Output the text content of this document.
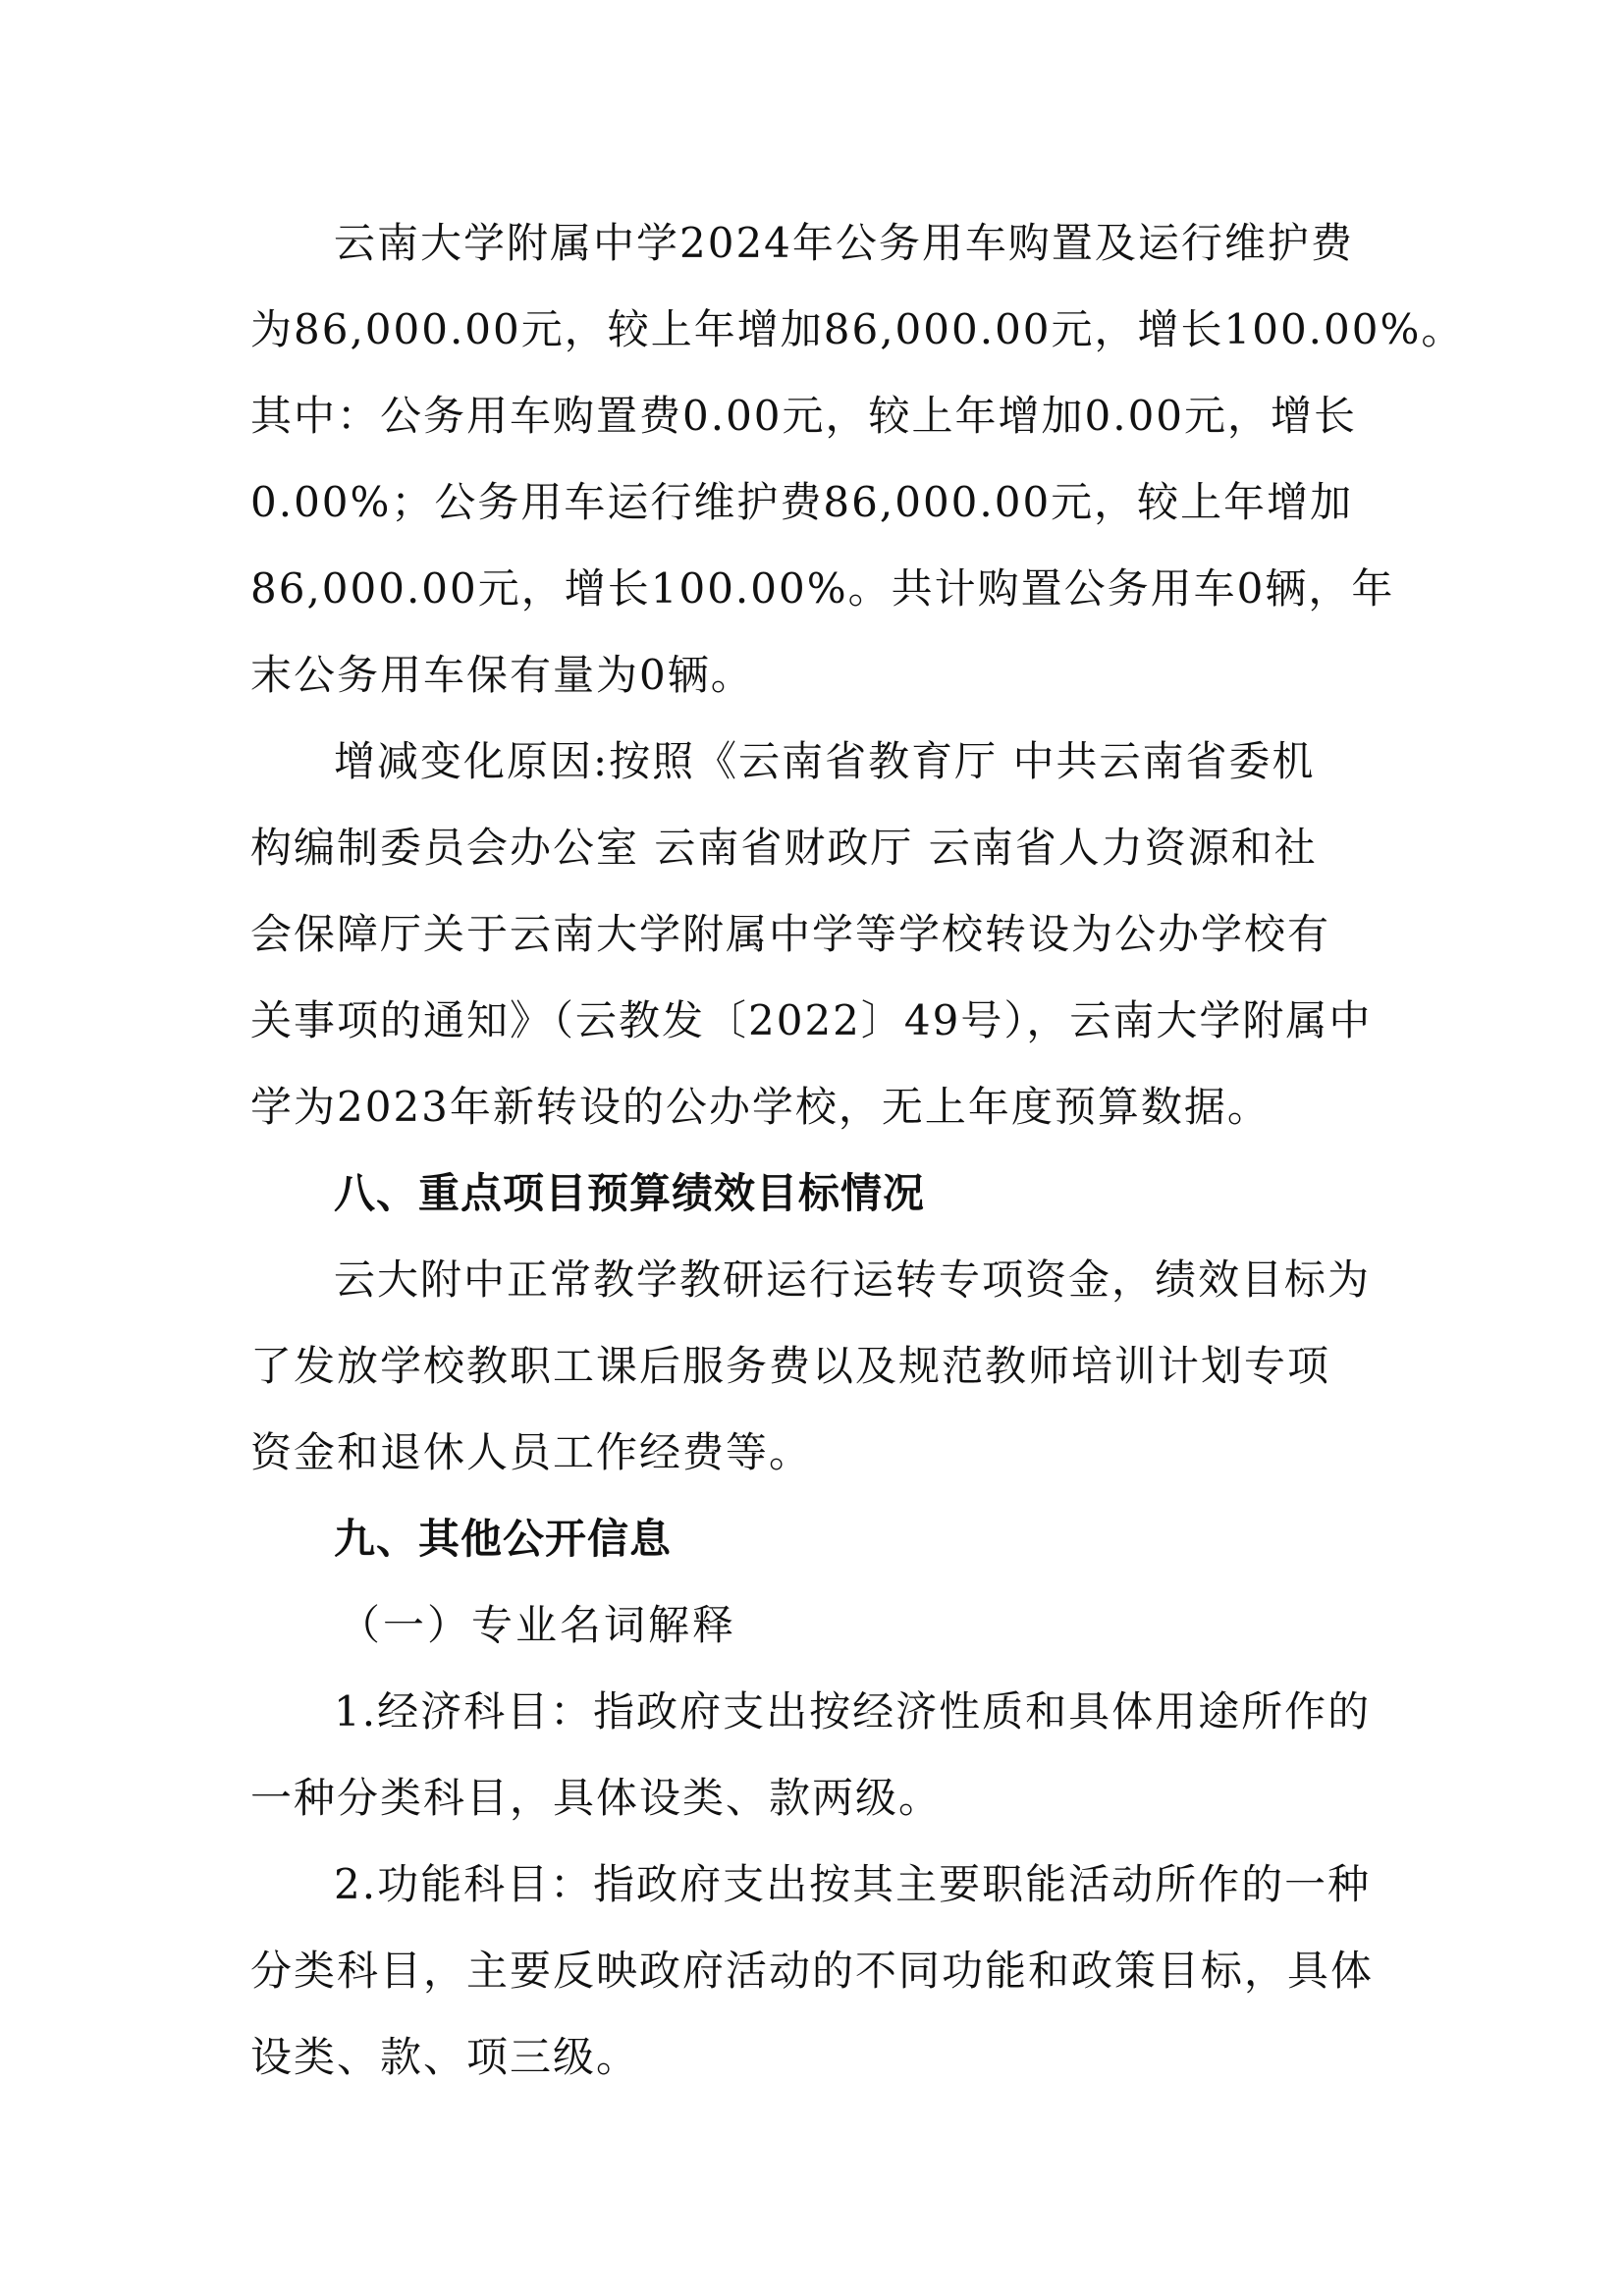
云南大学附属中学2024年公务用车购置及运行维护费
为86,000.00元，较上年增加86,000.00元，增长100.00%。
其中：公务用车购置费0.00元，较上年增加0.00元，增长
0.00%；公务用车运行维护费86,000.00元，较上年增加
86,000.00元，增长100.00%。共计购置公务用车0辆，年
末公务用车保有量为0辆。
增减变化原因:按照《云南省教育厅 中共云南省委机
构编制委员会办公室 云南省财政厅 云南省人力资源和社
会保障厅关于云南大学附属中学等学校转设为公办学校有
关事项的通知》（云教发〔2022〕49号），云南大学附属中
学为2023年新转设的公办学校，无上年度预算数据。
八、重点项目预算绩效目标情况
云大附中正常教学教研运行运转专项资金，绩效目标为
了发放学校教职工课后服务费以及规范教师培训计划专项
资金和退休人员工作经费等。
九、其他公开信息
（一）专业名词解释
1.经济科目：指政府支出按经济性质和具体用途所作的
一种分类科目，具体设类、款两级。
2.功能科目：指政府支出按其主要职能活动所作的一种
分类科目，主要反映政府活动的不同功能和政策目标，具体
设类、款、项三级。
